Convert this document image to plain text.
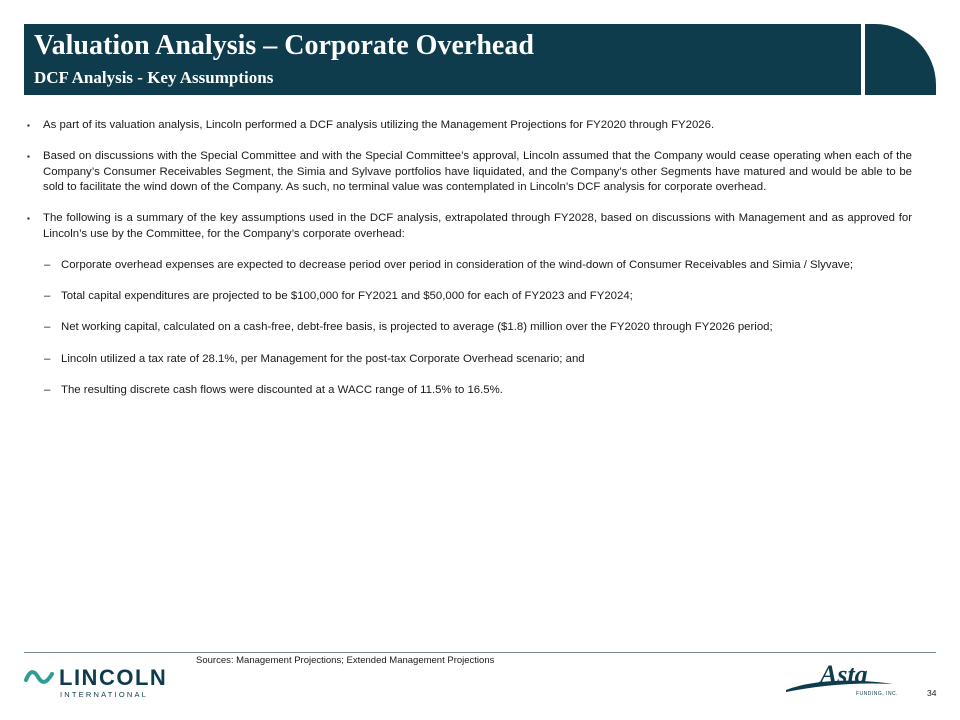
Valuation Analysis – Corporate Overhead
DCF Analysis - Key Assumptions
▪ As part of its valuation analysis, Lincoln performed a DCF analysis utilizing the Management Projections for FY2020 through FY2026.
▪ Based on discussions with the Special Committee and with the Special Committee’s approval, Lincoln assumed that the Company would cease operating when each of the Company’s Consumer Receivables Segment, the Simia and Sylvave portfolios have liquidated, and the Company’s other Segments have matured and would be able to be sold to facilitate the wind down of the Company. As such, no terminal value was contemplated in Lincoln’s DCF analysis for corporate overhead.
▪ The following is a summary of the key assumptions used in the DCF analysis, extrapolated through FY2028, based on discussions with Management and as approved for Lincoln’s use by the Committee, for the Company’s corporate overhead:
– Corporate overhead expenses are expected to decrease period over period in consideration of the wind-down of Consumer Receivables and Simia / Slyvave;
– Total capital expenditures are projected to be $100,000 for FY2021 and $50,000 for each of FY2023 and FY2024;
– Net working capital, calculated on a cash-free, debt-free basis, is projected to average ($1.8) million over the FY2020 through FY2026 period;
– Lincoln utilized a tax rate of 28.1%, per Management for the post-tax Corporate Overhead scenario; and
– The resulting discrete cash flows were discounted at a WACC range of 11.5% to 16.5%.
Sources: Management Projections; Extended Management Projections
LINCOLN
INTERNATIONAL
Asta
FUNDING, INC.	34
